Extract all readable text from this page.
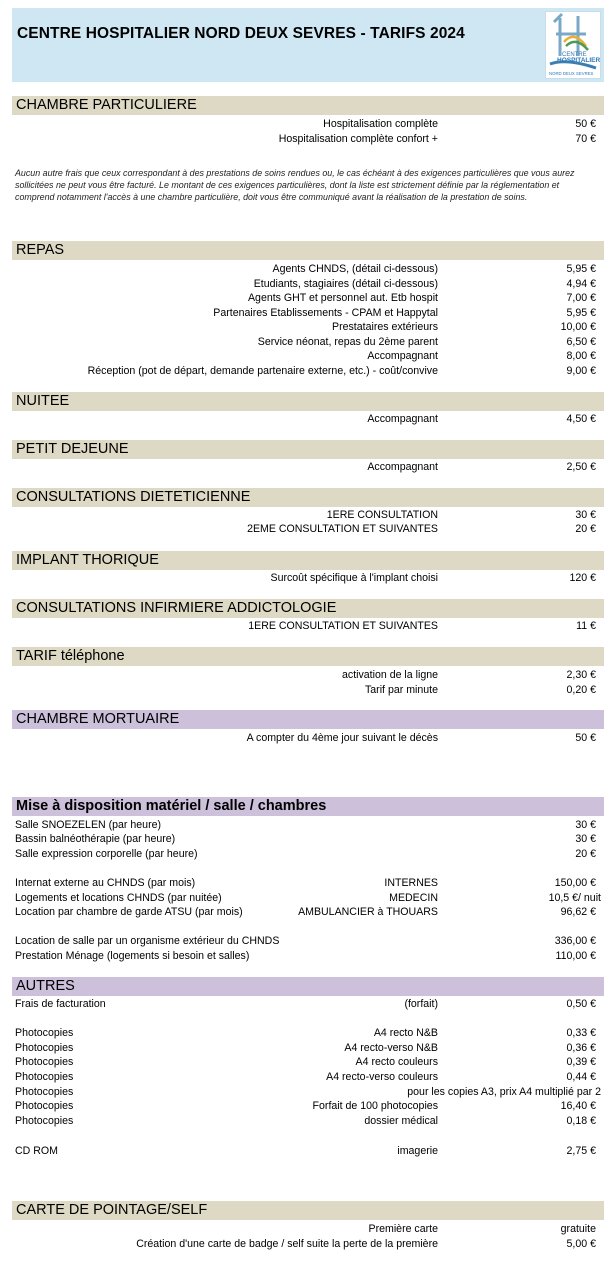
CENTRE HOSPITALIER NORD DEUX SEVRES - TARIFS 2024
CENTRE
HOSPITALIER
NORD DEUX SEVRES
CHAMBRE PARTICULIERE
Hospitalisation complète	50 €
Hospitalisation complète confort +	70 €
Aucun autre frais que ceux correspondant à des prestations de soins rendues ou, le cas échéant à des exigences particulières que vous aurez sollicitées ne peut vous être facturé. Le montant de ces exigences particulières, dont la liste est strictement définie par la réglementation et comprend notamment l'accès à une chambre particulière, doit vous être communiqué avant la réalisation de la prestation de soins.
REPAS
Agents CHNDS, (détail ci-dessous)	5,95 €
Etudiants, stagiaires (détail ci-dessous)	4,94 €
Agents GHT et personnel aut. Etb hospit	7,00 €
Partenaires Etablissements - CPAM et Happytal	5,95 €
Prestataires extérieurs	10,00 €
Service néonat, repas du 2ème parent	6,50 €
Accompagnant	8,00 €
Réception (pot de départ, demande partenaire externe, etc.) - coût/convive	9,00 €
NUITEE
Accompagnant	4,50 €
PETIT DEJEUNE
Accompagnant	2,50 €
CONSULTATIONS DIETETICIENNE
1ERE CONSULTATION	30 €
2EME CONSULTATION ET SUIVANTES	20 €
IMPLANT THORIQUE
Surcoût spécifique à l'implant choisi	120 €
CONSULTATIONS INFIRMIERE ADDICTOLOGIE
1ERE CONSULTATION ET SUIVANTES	11 €
TARIF téléphone
activation de la ligne	2,30 €
Tarif par minute	0,20 €
CHAMBRE MORTUAIRE
A compter du 4ème jour suivant le décès	50 €
Mise à disposition matériel / salle / chambres
Salle SNOEZELEN (par heure)	30 €
Bassin balnéothérapie (par heure)	30 €
Salle expression corporelle (par heure)	20 €
Internat externe au CHNDS (par mois)	INTERNES	150,00 €
Logements et locations CHNDS (par nuitée)	MEDECIN	10,5 €/ nuit
Location par chambre de garde ATSU (par mois)	AMBULANCIER à THOUARS	96,62 €
Location de salle par un organisme extérieur du CHNDS	336,00 €
Prestation Ménage (logements si besoin et salles)	110,00 €
AUTRES
Frais de facturation	(forfait)	0,50 €
Photocopies	A4 recto N&B	0,33 €
Photocopies	A4 recto-verso N&B	0,36 €
Photocopies	A4 recto couleurs	0,39 €
Photocopies	A4 recto-verso couleurs	0,44 €
Photocopies	pour les copies A3, prix A4 multiplié par 2
Photocopies	Forfait de 100 photocopies	16,40 €
Photocopies	dossier médical	0,18 €
CD ROM	imagerie	2,75 €
CARTE DE POINTAGE/SELF
Première carte	gratuite
Création d'une carte de badge / self suite la perte de la première	5,00 €
